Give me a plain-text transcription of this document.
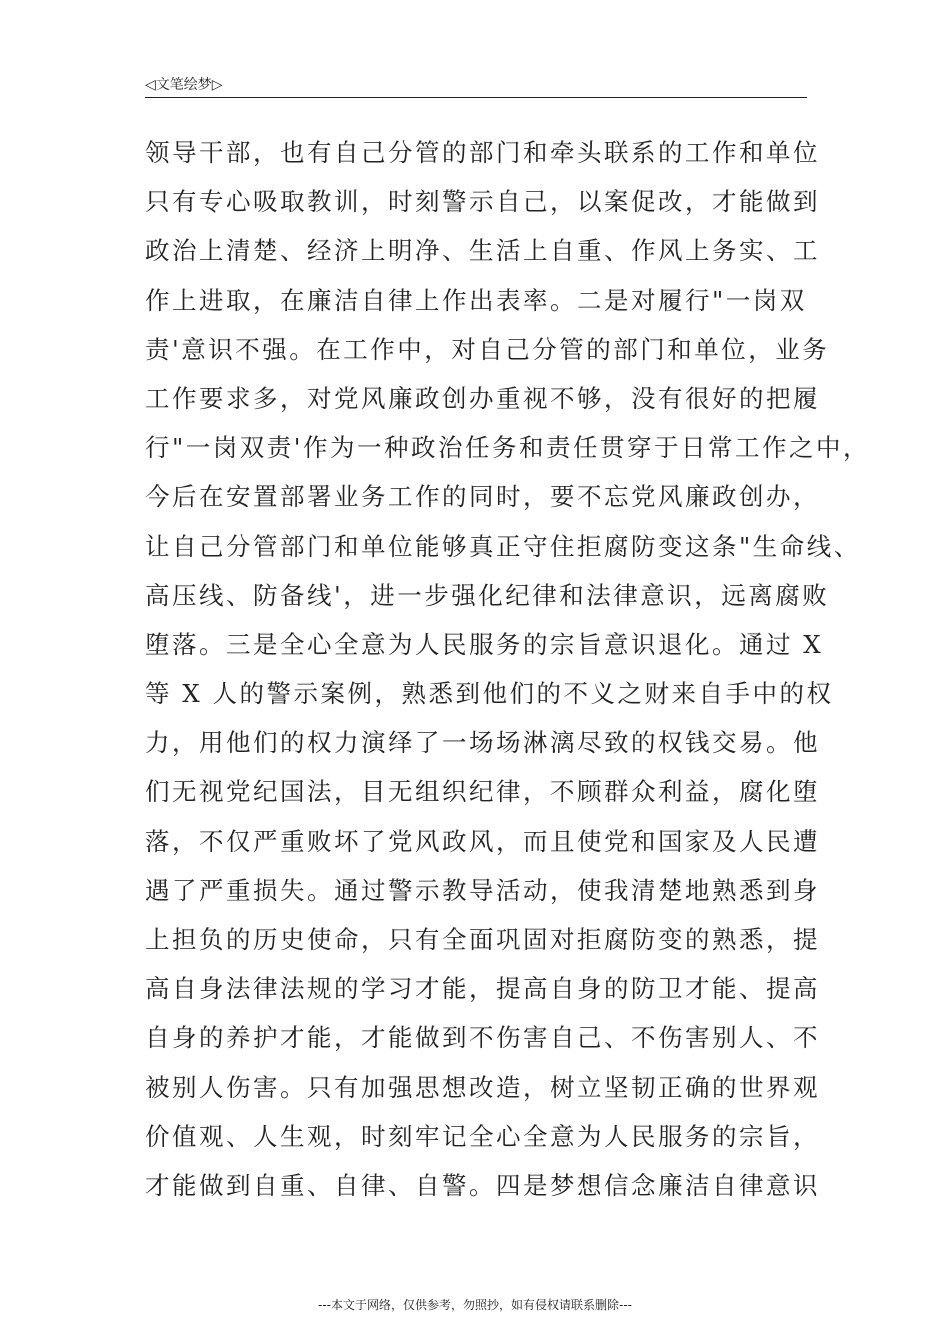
◁文笔绘梦▷
领导干部，也有自己分管的部门和牵头联系的工作和单位
只有专心吸取教训，时刻警示自己，以案促改，才能做到
政治上清楚、经济上明净、生活上自重、作风上务实、工
作上进取，在廉洁自律上作出表率。二是对履行"一岗双
责'意识不强。在工作中，对自己分管的部门和单位，业务
工作要求多，对党风廉政创办重视不够，没有很好的把履
行"一岗双责'作为一种政治任务和责任贯穿于日常工作之中，
今后在安置部署业务工作的同时，要不忘党风廉政创办，
让自己分管部门和单位能够真正守住拒腐防变这条"生命线、
高压线、防备线'，进一步强化纪律和法律意识，远离腐败
堕落。三是全心全意为人民服务的宗旨意识退化。通过 X
等 X 人的警示案例，熟悉到他们的不义之财来自手中的权
力，用他们的权力演绎了一场场淋漓尽致的权钱交易。他
们无视党纪国法，目无组织纪律，不顾群众利益，腐化堕
落，不仅严重败坏了党风政风，而且使党和国家及人民遭
遇了严重损失。通过警示教导活动，使我清楚地熟悉到身
上担负的历史使命，只有全面巩固对拒腐防变的熟悉，提
高自身法律法规的学习才能，提高自身的防卫才能、提高
自身的养护才能，才能做到不伤害自己、不伤害别人、不
被别人伤害。只有加强思想改造，树立坚韧正确的世界观
价值观、人生观，时刻牢记全心全意为人民服务的宗旨，
才能做到自重、自律、自警。四是梦想信念廉洁自律意识
---本文于网络，仅供参考，勿照抄，如有侵权请联系删除---
